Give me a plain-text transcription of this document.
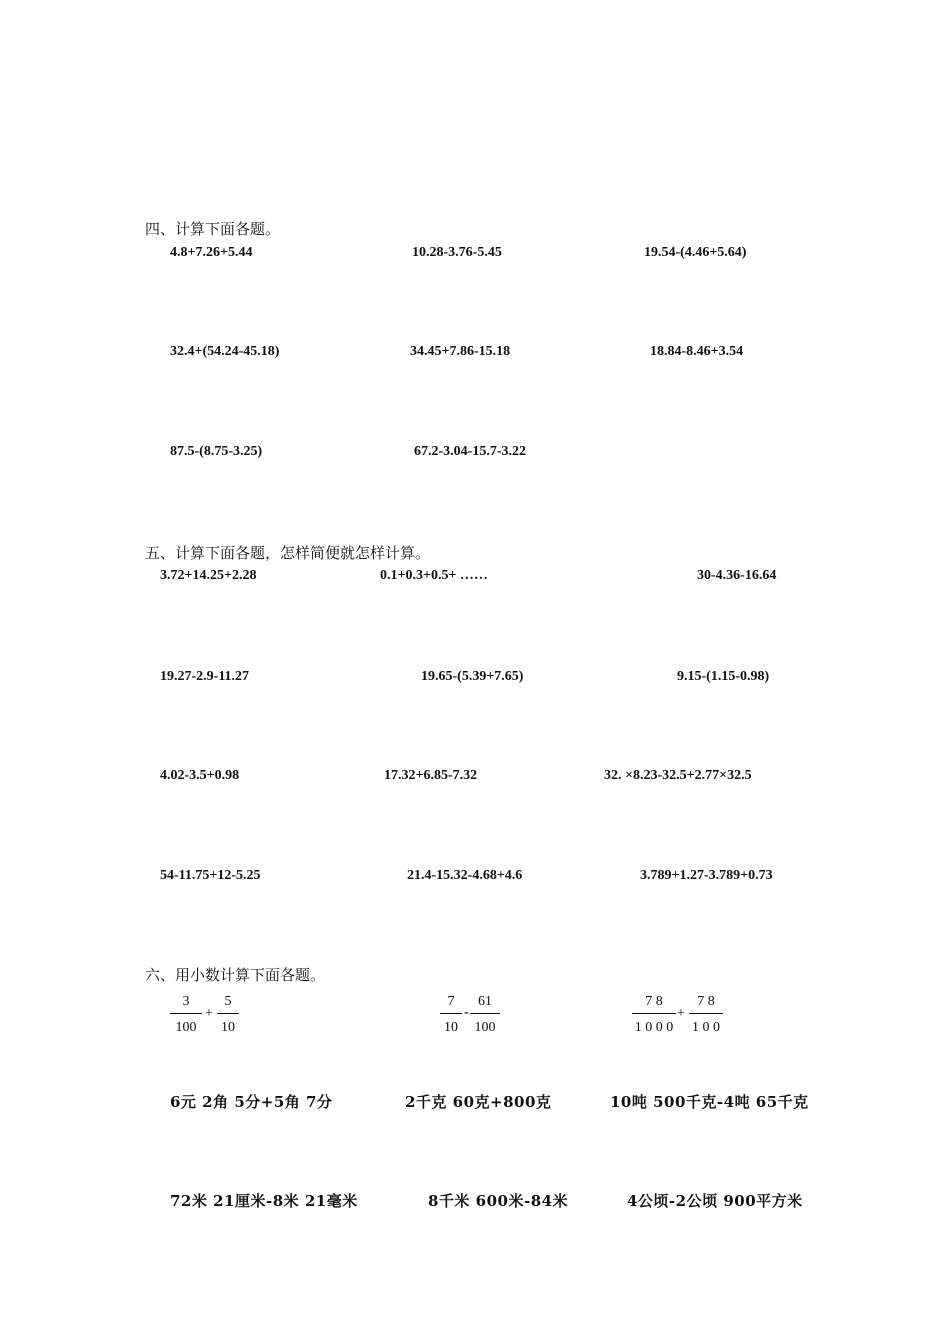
四、计算下面各题。
4.8+7.26+5.44	10.28-3.76-5.45	19.54-(4.46+5.64)
32.4+(54.24-45.18)	34.45+7.86-15.18	18.84-8.46+3.54
87.5-(8.75-3.25)	67.2-3.04-15.7-3.22
五、计算下面各题，怎样简便就怎样计算。
3.72+14.25+2.28	0.1+0.3+0.5+ ……	30-4.36-16.64
19.27-2.9-11.27	19.65-(5.39+7.65)	9.15-(1.15-0.98)
4.02-3.5+0.98	17.32+6.85-7.32	32. ×8.23-32.5+2.77×32.5
54-11.75+12-5.25	21.4-15.32-4.68+4.6	3.789+1.27-3.789+0.73
六、用小数计算下面各题。
$\frac{3}{100} + \frac{5}{10}$	$\frac{7}{10} - \frac{61}{100}$	$\frac{7 8}{1 0 0 0} + \frac{7 8}{1 0 0}$
6元 2角 5分+5角 7分	2千克 60克+800克	10吨 500千克-4吨 65千克
72米 21厘米-8米 21毫米	8千米 600米-84米	4公顷-2公顷 900平方米
